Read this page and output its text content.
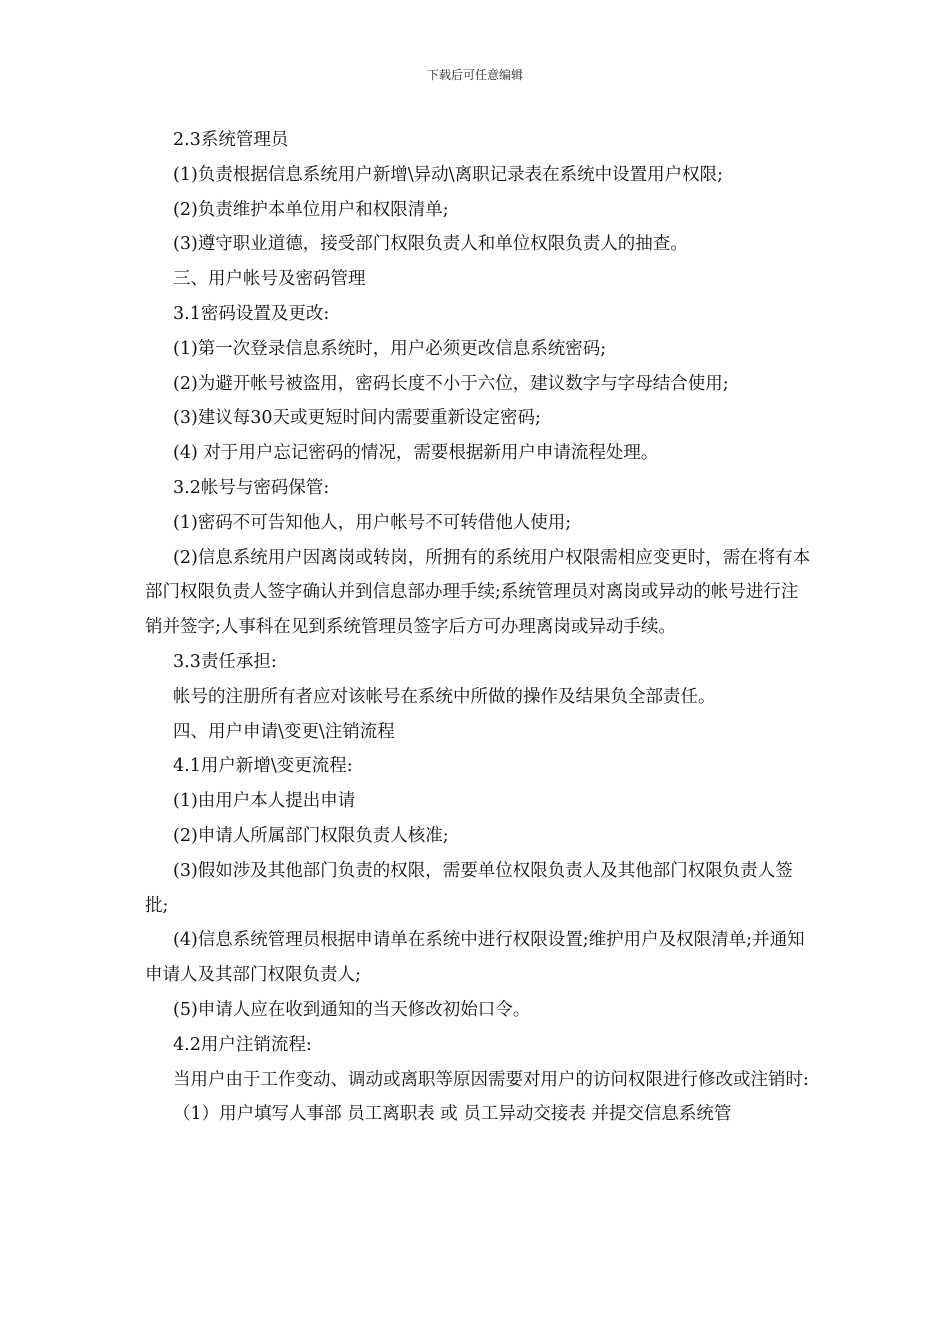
下载后可任意编辑

2.3系统管理员

(1)负责根据信息系统用户新增\异动\离职记录表在系统中设置用户权限;

(2)负责维护本单位用户和权限清单;

(3)遵守职业道德，接受部门权限负责人和单位权限负责人的抽查。

三、用户帐号及密码管理

3.1密码设置及更改:

(1)第一次登录信息系统时，用户必须更改信息系统密码;

(2)为避开帐号被盗用，密码长度不小于六位，建议数字与字母结合使用;

(3)建议每30天或更短时间内需要重新设定密码;

(4) 对于用户忘记密码的情况，需要根据新用户申请流程处理。

3.2帐号与密码保管:

(1)密码不可告知他人，用户帐号不可转借他人使用;

(2)信息系统用户因离岗或转岗，所拥有的系统用户权限需相应变更时，需在将有本部门权限负责人签字确认并到信息部办理手续;系统管理员对离岗或异动的帐号进行注销并签字;人事科在见到系统管理员签字后方可办理离岗或异动手续。

3.3责任承担:

帐号的注册所有者应对该帐号在系统中所做的操作及结果负全部责任。

四、用户申请\变更\注销流程

4.1用户新增\变更流程:

(1)由用户本人提出申请

(2)申请人所属部门权限负责人核准;

(3)假如涉及其他部门负责的权限，需要单位权限负责人及其他部门权限负责人签批;

(4)信息系统管理员根据申请单在系统中进行权限设置;维护用户及权限清单;并通知申请人及其部门权限负责人;

(5)申请人应在收到通知的当天修改初始口令。

4.2用户注销流程:

当用户由于工作变动、调动或离职等原因需要对用户的访问权限进行修改或注销时:

（1）用户填写人事部 员工离职表 或 员工异动交接表 并提交信息系统管
